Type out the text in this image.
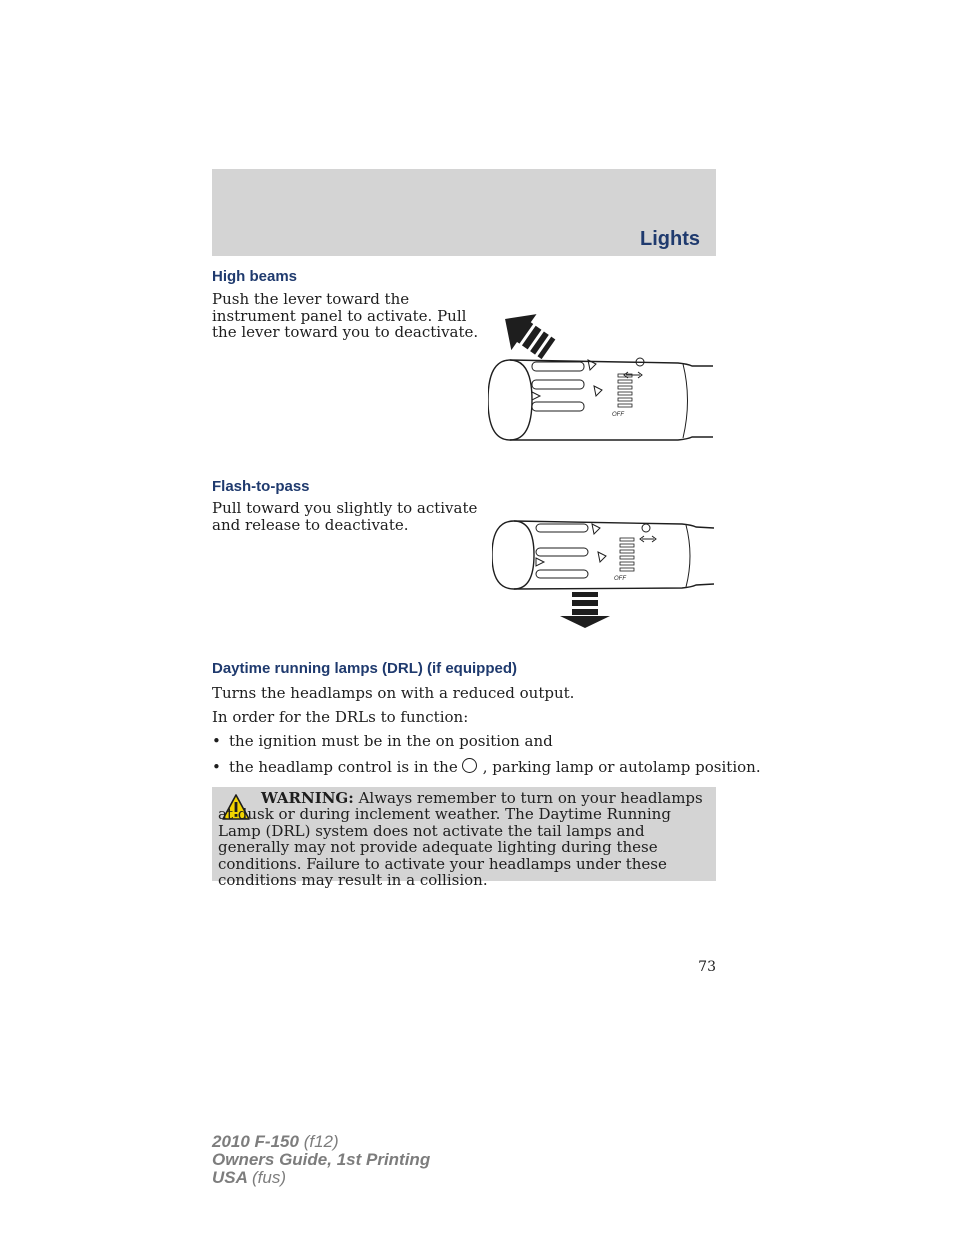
Lights
High beams
Push the lever toward the
instrument panel to activate. Pull
the lever toward you to deactivate.
OFF
Flash-to-pass
Pull toward you slightly to activate
and release to deactivate.
OFF
Daytime running lamps (DRL) (if equipped)

Turns the headlamps on with a reduced output.

In order for the DRLs to function:

• the ignition must be in the on position and

• the headlamp control is in the , parking lamp or autolamp position.

WARNING: Always remember to turn on your headlamps at dusk or during inclement weather. The Daytime Running Lamp (DRL) system does not activate the tail lamps and generally may not provide adequate lighting during these conditions. Failure to activate your headlamps under these conditions may result in a collision.

73
2010 F-150 (f12)
Owners Guide, 1st Printing
USA (fus)
